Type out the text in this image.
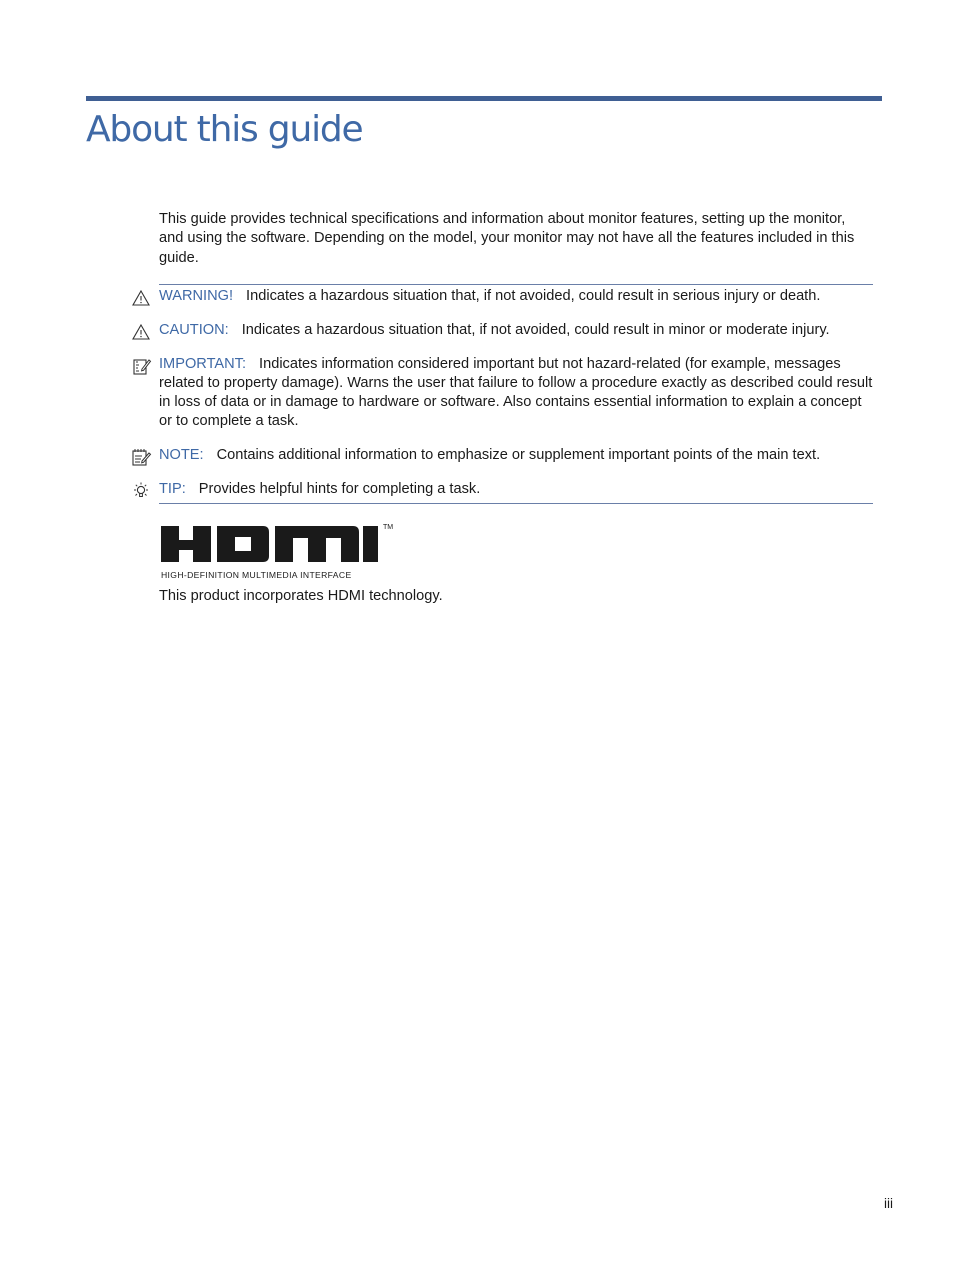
About this guide

This guide provides technical specifications and information about monitor features, setting up the monitor, and using the software. Depending on the model, your monitor may not have all the features included in this guide.

WARNING! Indicates a hazardous situation that, if not avoided, could result in serious injury or death.
CAUTION: Indicates a hazardous situation that, if not avoided, could result in minor or moderate injury.
IMPORTANT: Indicates information considered important but not hazard-related (for example, messages related to property damage). Warns the user that failure to follow a procedure exactly as described could result in loss of data or in damage to hardware or software. Also contains essential information to explain a concept or to complete a task.
NOTE: Contains additional information to emphasize or supplement important points of the main text.
TIP: Provides helpful hints for completing a task.
TM
HIGH-DEFINITION MULTIMEDIA INTERFACE
This product incorporates HDMI technology.
iii
